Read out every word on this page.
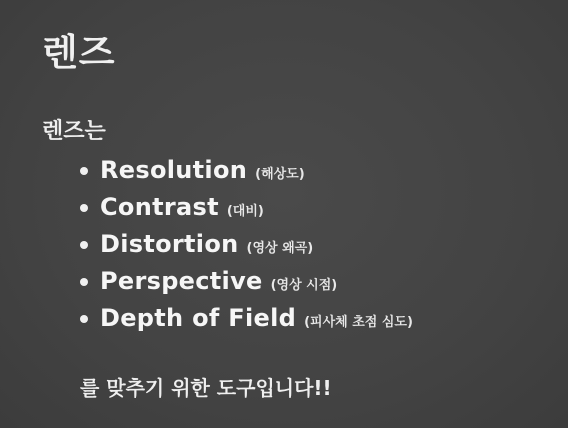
렌즈
렌즈는
Resolution (해상도)
Contrast (대비)
Distortion (영상 왜곡)
Perspective (영상 시점)
Depth of Field (피사체 초점 심도)
를 맞추기 위한 도구입니다!!
